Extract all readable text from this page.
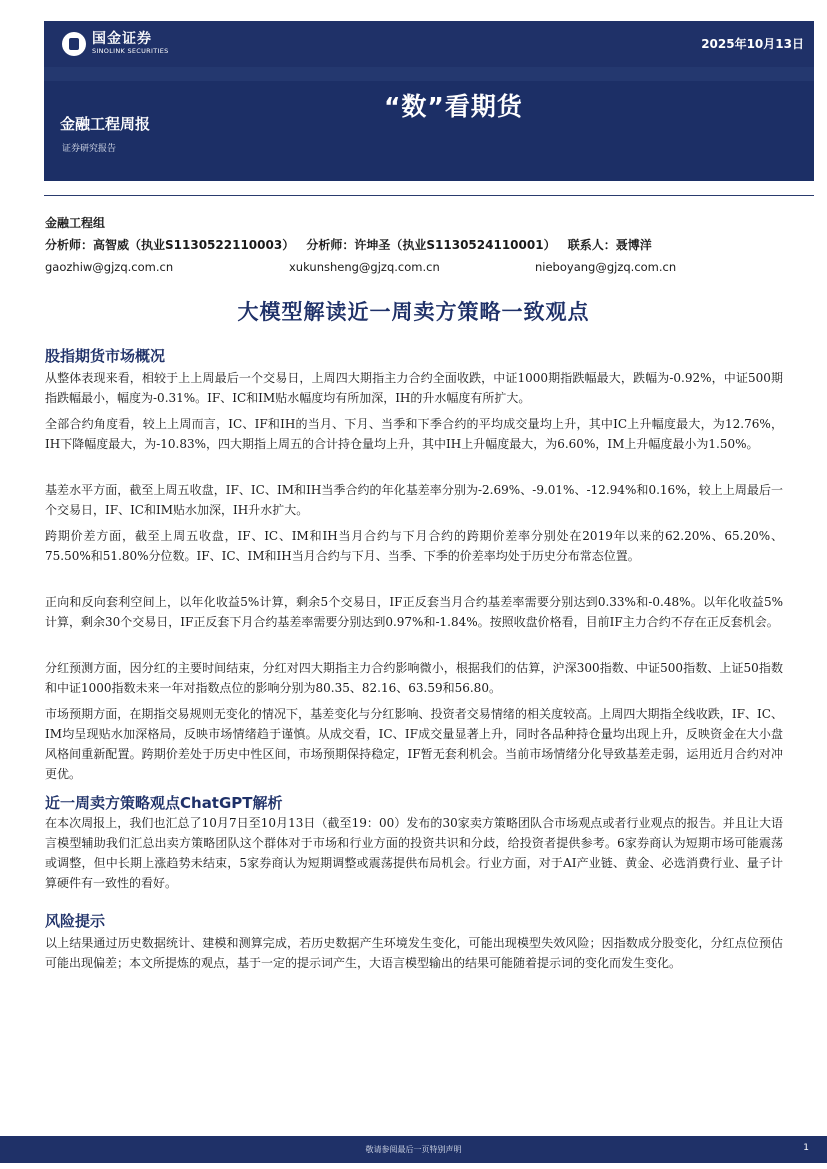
国金证券
SINOLINK SECURITIES	2025年10月13日
“数”看期货
金融工程周报
证券研究报告
金融工程组
分析师：高智威（执业S1130522110003） 分析师：许坤圣（执业S1130524110001） 联系人：聂博洋
gaozhiw@gjzq.com.cn	xukunsheng@gjzq.com.cn	nieboyang@gjzq.com.cn
大模型解读近一周卖方策略一致观点
股指期货市场概况
从整体表现来看，相较于上上周最后一个交易日，上周四大期指主力合约全面收跌，中证1000期指跌幅最大，跌幅为-0.92%，中证500期指跌幅最小，幅度为-0.31%。IF、IC和IM贴水幅度均有所加深，IH的升水幅度有所扩大。
全部合约角度看，较上上周而言，IC、IF和IH的当月、下月、当季和下季合约的平均成交量均上升，其中IC上升幅度最大，为12.76%，IH下降幅度最大，为-10.83%，四大期指上周五的合计持仓量均上升，其中IH上升幅度最大，为6.60%，IM上升幅度最小为1.50%。
基差水平方面，截至上周五收盘，IF、IC、IM和IH当季合约的年化基差率分别为-2.69%、-9.01%、-12.94%和0.16%，较上上周最后一个交易日，IF、IC和IM贴水加深，IH升水扩大。
跨期价差方面，截至上周五收盘，IF、IC、IM和IH当月合约与下月合约的跨期价差率分别处在2019年以来的62.20%、65.20%、75.50%和51.80%分位数。IF、IC、IM和IH当月合约与下月、当季、下季的价差率均处于历史分布常态位置。
正向和反向套利空间上，以年化收益5%计算，剩余5个交易日，IF正反套当月合约基差率需要分别达到0.33%和-0.48%。以年化收益5%计算，剩余30个交易日，IF正反套下月合约基差率需要分别达到0.97%和-1.84%。按照收盘价格看，目前IF主力合约不存在正反套机会。
分红预测方面，因分红的主要时间结束，分红对四大期指主力合约影响微小，根据我们的估算，沪深300指数、中证500指数、上证50指数和中证1000指数未来一年对指数点位的影响分别为80.35、82.16、63.59和56.80。
市场预期方面，在期指交易规则无变化的情况下，基差变化与分红影响、投资者交易情绪的相关度较高。上周四大期指全线收跌，IF、IC、IM均呈现贴水加深格局，反映市场情绪趋于谨慎。从成交看，IC、IF成交量显著上升，同时各品种持仓量均出现上升，反映资金在大小盘风格间重新配置。跨期价差处于历史中性区间，市场预期保持稳定，IF暂无套利机会。当前市场情绪分化导致基差走弱，运用近月合约对冲更优。
近一周卖方策略观点ChatGPT解析
在本次周报上，我们也汇总了10月7日至10月13日（截至19：00）发布的30家卖方策略团队合市场观点或者行业观点的报告。并且让大语言模型辅助我们汇总出卖方策略团队这个群体对于市场和行业方面的投资共识和分歧，给投资者提供参考。6家券商认为短期市场可能震荡或调整，但中长期上涨趋势未结束，5家券商认为短期调整或震荡提供布局机会。行业方面，对于AI产业链、黄金、必选消费行业、量子计算硬件有一致性的看好。
风险提示
以上结果通过历史数据统计、建模和测算完成，若历史数据产生环境发生变化，可能出现模型失效风险；因指数成分股变化，分红点位预估可能出现偏差；本文所提炼的观点，基于一定的提示词产生，大语言模型输出的结果可能随着提示词的变化而发生变化。
敬请参阅最后一页特别声明	1
